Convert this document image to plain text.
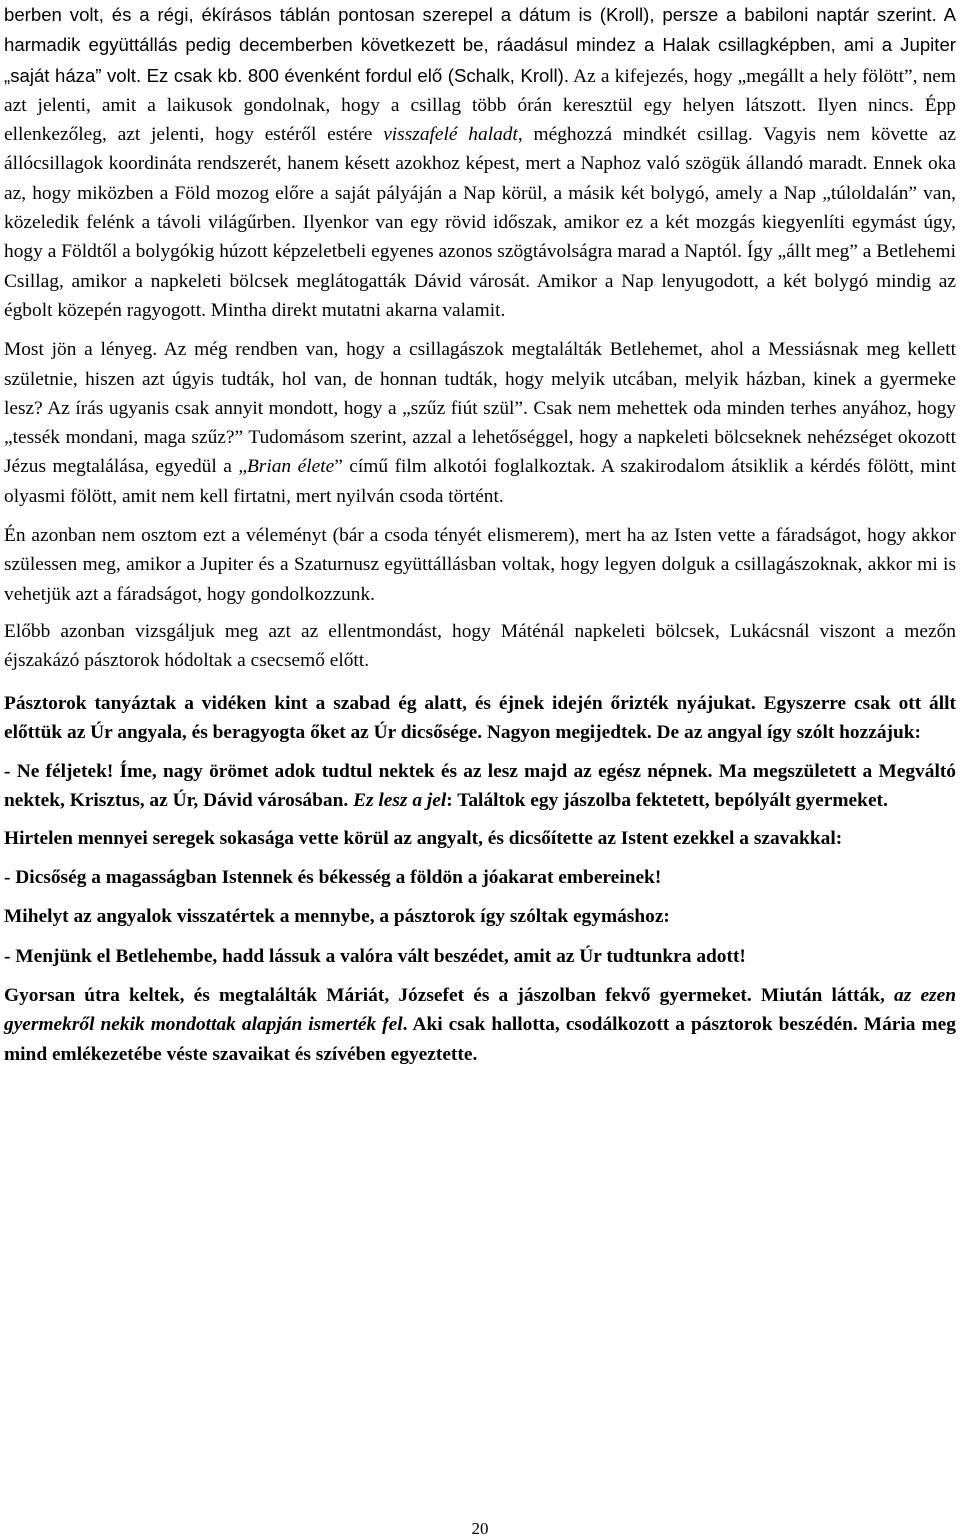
berben volt, és a régi, ékírásos táblán pontosan szerepel a dátum is (Kroll), persze a babiloni naptár szerint. A harmadik együttállás pedig decemberben következett be, ráadásul mindez a Halak csillagképben, ami a Jupiter „saját háza” volt. Ez csak kb. 800 évenként fordul elő (Schalk, Kroll). Az a kifejezés, hogy „megállt a hely fölött”, nem azt jelenti, amit a laikusok gondolnak, hogy a csillag több órán keresztül egy helyen látszott. Ilyen nincs. Épp ellenkezőleg, azt jelenti, hogy estéről estére visszafelé haladt, méghozzá mindkét csillag. Vagyis nem követte az állócsillagok koordináta rendszerét, hanem késett azokhoz képest, mert a Naphoz való szögük állandó maradt. Ennek oka az, hogy miközben a Föld mozog előre a saját pályáján a Nap körül, a másik két bolygó, amely a Nap „túloldalán” van, közeledik felénk a távoli világűrben. Ilyenkor van egy rövid időszak, amikor ez a két mozgás kiegyenlíti egymást úgy, hogy a Földtől a bolygókig húzott képzeletbeli egyenes azonos szögtávolságra marad a Naptól. Így „állt meg” a Betlehemi Csillag, amikor a napkeleti bölcsek meglátogatták Dávid városát. Amikor a Nap lenyugodott, a két bolygó mindig az égbolt közepén ragyogott. Mintha direkt mutatni akarna valamit.

Most jön a lényeg. Az még rendben van, hogy a csillagászok megtalálták Betlehemet, ahol a Messiásnak meg kellett születnie, hiszen azt úgyis tudták, hol van, de honnan tudták, hogy melyik utcában, melyik házban, kinek a gyermeke lesz? Az írás ugyanis csak annyit mondott, hogy a „szűz fiút szül”. Csak nem mehettek oda minden terhes anyához, hogy „tessék mondani, maga szűz?” Tudomásom szerint, azzal a lehetőséggel, hogy a napkeleti bölcseknek nehézséget okozott Jézus megtalálása, egyedül a „Brian élete” című film alkotói foglalkoztak. A szakirodalom átsiklik a kérdés fölött, mint olyasmi fölött, amit nem kell firtatni, mert nyilván csoda történt.

Én azonban nem osztom ezt a véleményt (bár a csoda tényét elismerem), mert ha az Isten vette a fáradságot, hogy akkor szülessen meg, amikor a Jupiter és a Szaturnusz együttállásban voltak, hogy legyen dolguk a csillagászoknak, akkor mi is vehetjük azt a fáradságot, hogy gondolkozzunk.

Előbb azonban vizsgáljuk meg azt az ellentmondást, hogy Máténál napkeleti bölcsek, Lukácsnál viszont a mezőn éjszakázó pásztorok hódoltak a csecsemő előtt.

Pásztorok tanyáztak a vidéken kint a szabad ég alatt, és éjnek idején őrizték nyájukat. Egyszerre csak ott állt előttük az Úr angyala, és beragyogta őket az Úr dicsősége. Nagyon megijedtek. De az angyal így szólt hozzájuk:

- Ne féljetek! Íme, nagy örömet adok tudtul nektek és az lesz majd az egész népnek. Ma megszületett a Megváltó nektek, Krisztus, az Úr, Dávid városában. Ez lesz a jel: Találtok egy jászolba fektetett, bepólyált gyermeket.

Hirtelen mennyei seregek sokasága vette körül az angyalt, és dicsőítette az Istent ezekkel a szavakkal:

- Dicsőség a magasságban Istennek és békesség a földön a jóakarat embereinek!

Mihelyt az angyalok visszatértek a mennybe, a pásztorok így szóltak egymáshoz:

- Menjünk el Betlehembe, hadd lássuk a valóra vált beszédet, amit az Úr tudtunkra adott!

Gyorsan útra keltek, és megtalálták Máriát, Józsefet és a jászolban fekvő gyermeket. Miután látták, az ezen gyermekről nekik mondottak alapján ismerték fel. Aki csak hallotta, csodálkozott a pásztorok beszédén. Mária meg mind emlékezetébe véste szavaikat és szívében egyeztette.

20
